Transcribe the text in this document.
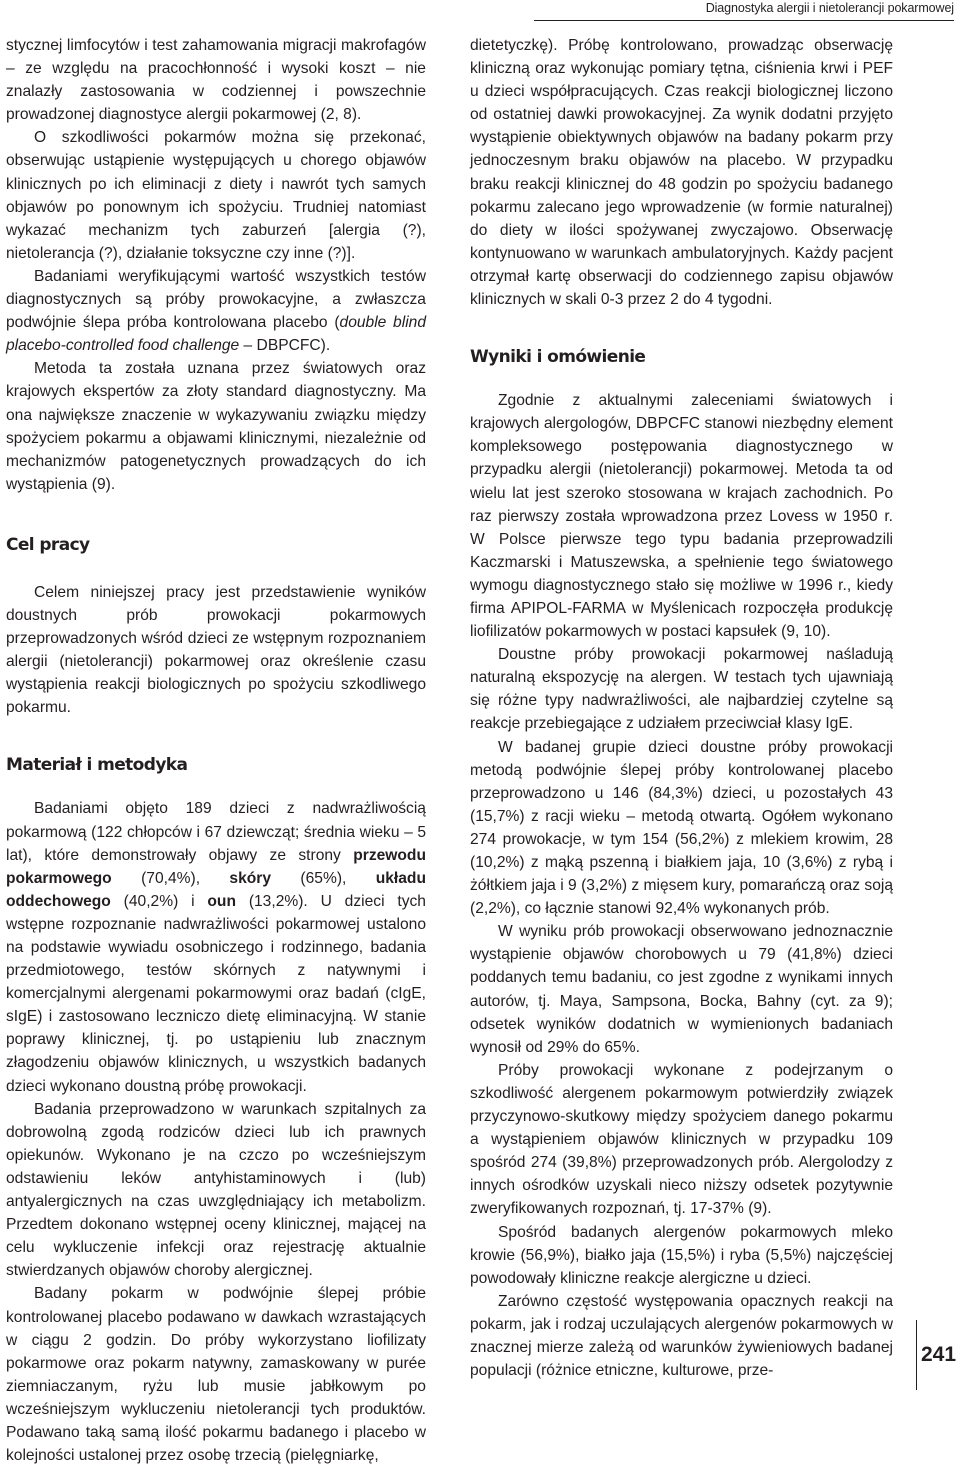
Diagnostyka alergii i nietolerancji pokarmowej

stycznej limfocytów i test zahamowania migracji makrofagów – ze względu na pracochłonność i wysoki koszt – nie znalazły zastosowania w codziennej i powszechnie prowadzonej diagnostyce alergii pokarmowej (2, 8).

O szkodliwości pokarmów można się przekonać, obserwując ustąpienie występujących u chorego objawów klinicznych po ich eliminacji z diety i nawrót tych samych objawów po ponownym ich spożyciu. Trudniej natomiast wykazać mechanizm tych zaburzeń [alergia (?), nietolerancja (?), działanie toksyczne czy inne (?)].

Badaniami weryfikującymi wartość wszystkich testów diagnostycznych są próby prowokacyjne, a zwłaszcza podwójnie ślepa próba kontrolowana placebo (double blind placebo-controlled food challenge – DBPCFC).

Metoda ta została uznana przez światowych oraz krajowych ekspertów za złoty standard diagnostyczny. Ma ona największe znaczenie w wykazywaniu związku między spożyciem pokarmu a objawami klinicznymi, niezależnie od mechanizmów patogenetycznych prowadzących do ich wystąpienia (9).

Cel pracy

Celem niniejszej pracy jest przedstawienie wyników doustnych prób prowokacji pokarmowych przeprowadzonych wśród dzieci ze wstępnym rozpoznaniem alergii (nietolerancji) pokarmowej oraz określenie czasu wystąpienia reakcji biologicznych po spożyciu szkodliwego pokarmu.

Materiał i metodyka

Badaniami objęto 189 dzieci z nadwrażliwością pokarmową (122 chłopców i 67 dziewcząt; średnia wieku – 5 lat), które demonstrowały objawy ze strony przewodu pokarmowego (70,4%), skóry (65%), układu oddechowego (40,2%) i oun (13,2%). U dzieci tych wstępne rozpoznanie nadwrażliwości pokarmowej ustalono na podstawie wywiadu osobniczego i rodzinnego, badania przedmiotowego, testów skórnych z natywnymi i komercjalnymi alergenami pokarmowymi oraz badań (cIgE, sIgE) i zastosowano leczniczo dietę eliminacyjną. W stanie poprawy klinicznej, tj. po ustąpieniu lub znacznym złagodzeniu objawów klinicznych, u wszystkich badanych dzieci wykonano doustną próbę prowokacji.

Badania przeprowadzono w warunkach szpitalnych za dobrowolną zgodą rodziców dzieci lub ich prawnych opiekunów. Wykonano je na czczo po wcześniejszym odstawieniu leków antyhistaminowych i (lub) antyalergicznych na czas uwzględniający ich metabolizm. Przedtem dokonano wstępnej oceny klinicznej, mającej na celu wykluczenie infekcji oraz rejestrację aktualnie stwierdzanych objawów choroby alergicznej.

Badany pokarm w podwójnie ślepej próbie kontrolowanej placebo podawano w dawkach wzrastających w ciągu 2 godzin. Do próby wykorzystano liofilizaty pokarmowe oraz pokarm natywny, zamaskowany w purée ziemniaczanym, ryżu lub musie jabłkowym po wcześniejszym wykluczeniu nietolerancji tych produktów. Podawano taką samą ilość pokarmu badanego i placebo w kolejności ustalonej przez osobę trzecią (pielęgniarkę,

dietetyczkę). Próbę kontrolowano, prowadząc obserwację kliniczną oraz wykonując pomiary tętna, ciśnienia krwi i PEF u dzieci współpracujących. Czas reakcji biologicznej liczono od ostatniej dawki prowokacyjnej. Za wynik dodatni przyjęto wystąpienie obiektywnych objawów na badany pokarm przy jednoczesnym braku objawów na placebo. W przypadku braku reakcji klinicznej do 48 godzin po spożyciu badanego pokarmu zalecano jego wprowadzenie (w formie naturalnej) do diety w ilości spożywanej zwyczajowo. Obserwację kontynuowano w warunkach ambulatoryjnych. Każdy pacjent otrzymał kartę obserwacji do codziennego zapisu objawów klinicznych w skali 0-3 przez 2 do 4 tygodni.

Wyniki i omówienie

Zgodnie z aktualnymi zaleceniami światowych i krajowych alergologów, DBPCFC stanowi niezbędny element kompleksowego postępowania diagnostycznego w przypadku alergii (nietolerancji) pokarmowej. Metoda ta od wielu lat jest szeroko stosowana w krajach zachodnich. Po raz pierwszy została wprowadzona przez Lovess w 1950 r. W Polsce pierwsze tego typu badania przeprowadzili Kaczmarski i Matuszewska, a spełnienie tego światowego wymogu diagnostycznego stało się możliwe w 1996 r., kiedy firma APIPOL-FARMA w Myślenicach rozpoczęła produkcję liofilizatów pokarmowych w postaci kapsułek (9, 10).

Doustne próby prowokacji pokarmowej naśladują naturalną ekspozycję na alergen. W testach tych ujawniają się różne typy nadwrażliwości, ale najbardziej czytelne są reakcje przebiegające z udziałem przeciwciał klasy IgE.

W badanej grupie dzieci doustne próby prowokacji metodą podwójnie ślepej próby kontrolowanej placebo przeprowadzono u 146 (84,3%) dzieci, u pozostałych 43 (15,7%) z racji wieku – metodą otwartą. Ogółem wykonano 274 prowokacje, w tym 154 (56,2%) z mlekiem krowim, 28 (10,2%) z mąką pszenną i białkiem jaja, 10 (3,6%) z rybą i żółtkiem jaja i 9 (3,2%) z mięsem kury, pomarańczą oraz soją (2,2%), co łącznie stanowi 92,4% wykonanych prób.

W wyniku prób prowokacji obserwowano jednoznacznie wystąpienie objawów chorobowych u 79 (41,8%) dzieci poddanych temu badaniu, co jest zgodne z wynikami innych autorów, tj. Maya, Sampsona, Bocka, Bahny (cyt. za 9); odsetek wyników dodatnich w wymienionych badaniach wynosił od 29% do 65%.

Próby prowokacji wykonane z podejrzanym o szkodliwość alergenem pokarmowym potwierdziły związek przyczynowo-skutkowy między spożyciem danego pokarmu a wystąpieniem objawów klinicznych w przypadku 109 spośród 274 (39,8%) przeprowadzonych prób. Alergolodzy z innych ośrodków uzyskali nieco niższy odsetek pozytywnie zweryfikowanych rozpoznań, tj. 17-37% (9).

Spośród badanych alergenów pokarmowych mleko krowie (56,9%), białko jaja (15,5%) i ryba (5,5%) najczęściej powodowały kliniczne reakcje alergiczne u dzieci.

Zarówno częstość występowania opacznych reakcji na pokarm, jak i rodzaj uczulających alergenów pokarmowych w znacznej mierze zależą od warunków żywieniowych badanej populacji (różnice etniczne, kulturowe, prze-

241
